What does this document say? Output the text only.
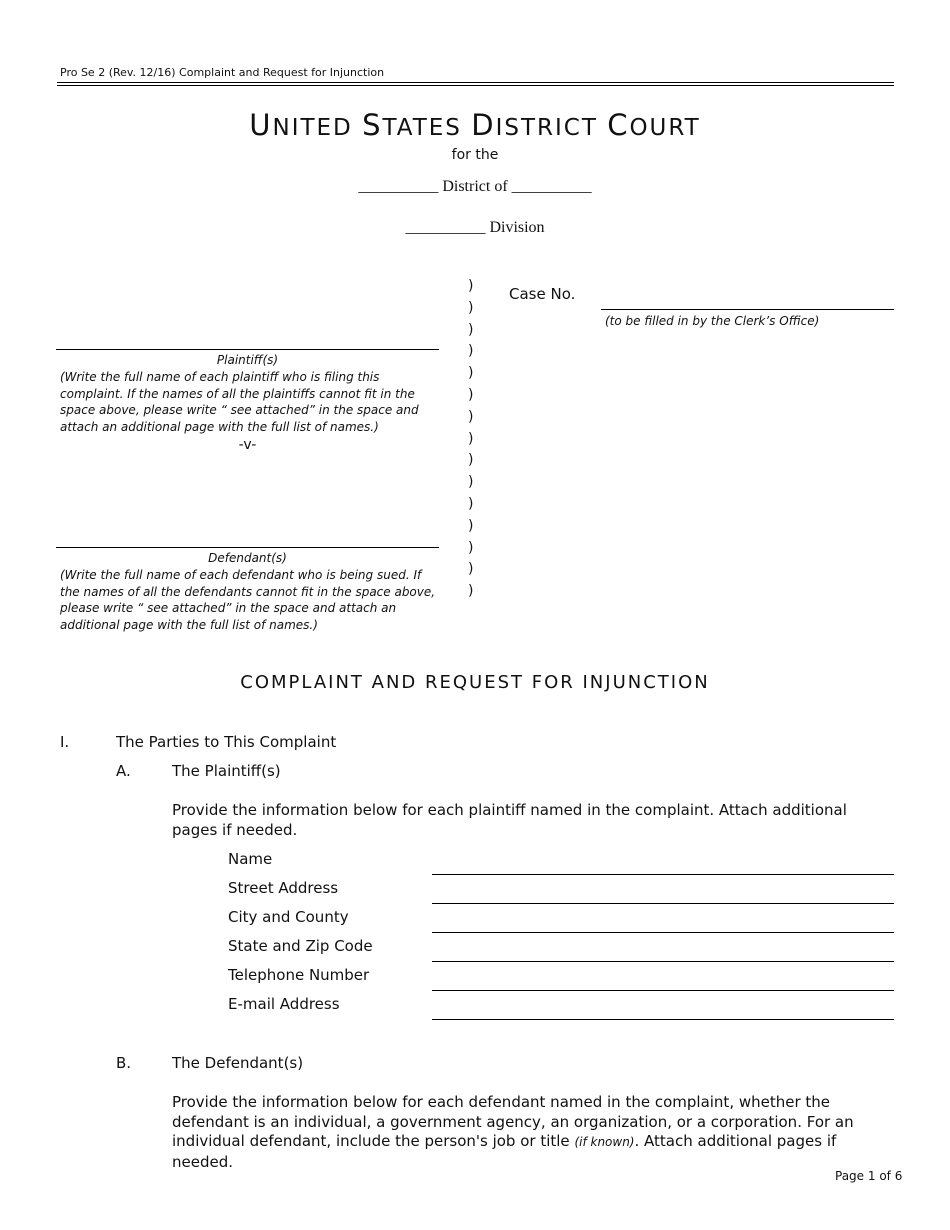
Pro Se 2 (Rev. 12/16) Complaint and Request for Injunction
UNITED STATES DISTRICT COURT
for the
__________ District of __________
__________ Division
Plaintiff(s)
(Write the full name of each plaintiff who is filing this complaint. If the names of all the plaintiffs cannot fit in the space above, please write “ see attached” in the space and attach an additional page with the full list of names.)
-v-
Defendant(s)
(Write the full name of each defendant who is being sued. If the names of all the defendants cannot fit in the space above, please write “ see attached” in the space and attach an additional page with the full list of names.)
)
)
)
)
)
)
)
)
)
)
)
)
)
)
)
Case No.
(to be filled in by the Clerk’s Office)
COMPLAINT AND REQUEST FOR INJUNCTION
I.	The Parties to This Complaint
A.	The Plaintiff(s)
Provide the information below for each plaintiff named in the complaint. Attach additional pages if needed.
Name
Street Address
City and County
State and Zip Code
Telephone Number
E-mail Address
B.	The Defendant(s)
Provide the information below for each defendant named in the complaint, whether the defendant is an individual, a government agency, an organization, or a corporation. For an individual defendant, include the person's job or title (if known). Attach additional pages if needed.
Page 1 of 6
